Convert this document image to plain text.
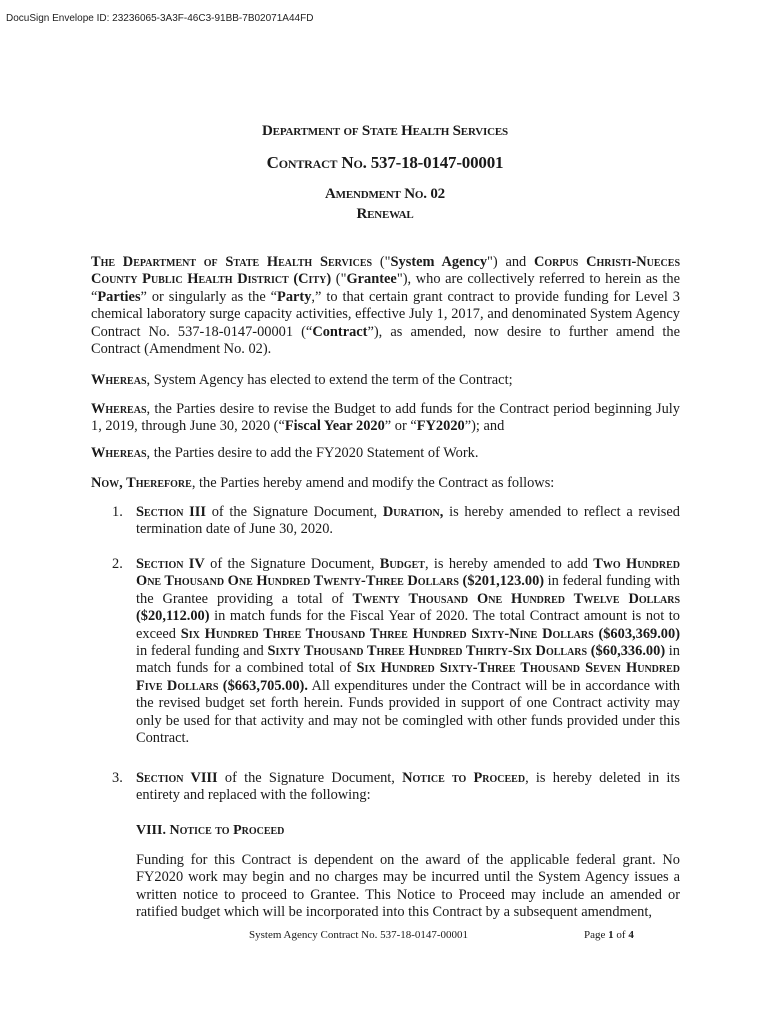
DocuSign Envelope ID: 23236065-3A3F-46C3-91BB-7B02071A44FD
Department of State Health Services
Contract No. 537-18-0147-00001
Amendment No. 02
Renewal
The Department of State Health Services ("System Agency") and Corpus Christi-Nueces County Public Health District (City) ("Grantee"), who are collectively referred to herein as the “Parties” or singularly as the “Party,” to that certain grant contract to provide funding for Level 3 chemical laboratory surge capacity activities, effective July 1, 2017, and denominated System Agency Contract No. 537-18-0147-00001 (“Contract”), as amended, now desire to further amend the Contract (Amendment No. 02).
Whereas, System Agency has elected to extend the term of the Contract;
Whereas, the Parties desire to revise the Budget to add funds for the Contract period beginning July 1, 2019, through June 30, 2020 (“Fiscal Year 2020” or “FY2020”); and
Whereas, the Parties desire to add the FY2020 Statement of Work.
Now, Therefore, the Parties hereby amend and modify the Contract as follows:
1. Section III of the Signature Document, Duration, is hereby amended to reflect a revised termination date of June 30, 2020.
2. Section IV of the Signature Document, Budget, is hereby amended to add Two Hundred One Thousand One Hundred Twenty-Three Dollars ($201,123.00) in federal funding with the Grantee providing a total of Twenty Thousand One Hundred Twelve Dollars ($20,112.00) in match funds for the Fiscal Year of 2020. The total Contract amount is not to exceed Six Hundred Three Thousand Three Hundred Sixty-Nine Dollars ($603,369.00) in federal funding and Sixty Thousand Three Hundred Thirty-Six Dollars ($60,336.00) in match funds for a combined total of Six Hundred Sixty-Three Thousand Seven Hundred Five Dollars ($663,705.00). All expenditures under the Contract will be in accordance with the revised budget set forth herein. Funds provided in support of one Contract activity may only be used for that activity and may not be comingled with other funds provided under this Contract.
3. Section VIII of the Signature Document, Notice to Proceed, is hereby deleted in its entirety and replaced with the following:
VIII. Notice to Proceed
Funding for this Contract is dependent on the award of the applicable federal grant. No FY2020 work may begin and no charges may be incurred until the System Agency issues a written notice to proceed to Grantee. This Notice to Proceed may include an amended or ratified budget which will be incorporated into this Contract by a subsequent amendment,
System Agency Contract No. 537-18-0147-00001	Page 1 of 4
